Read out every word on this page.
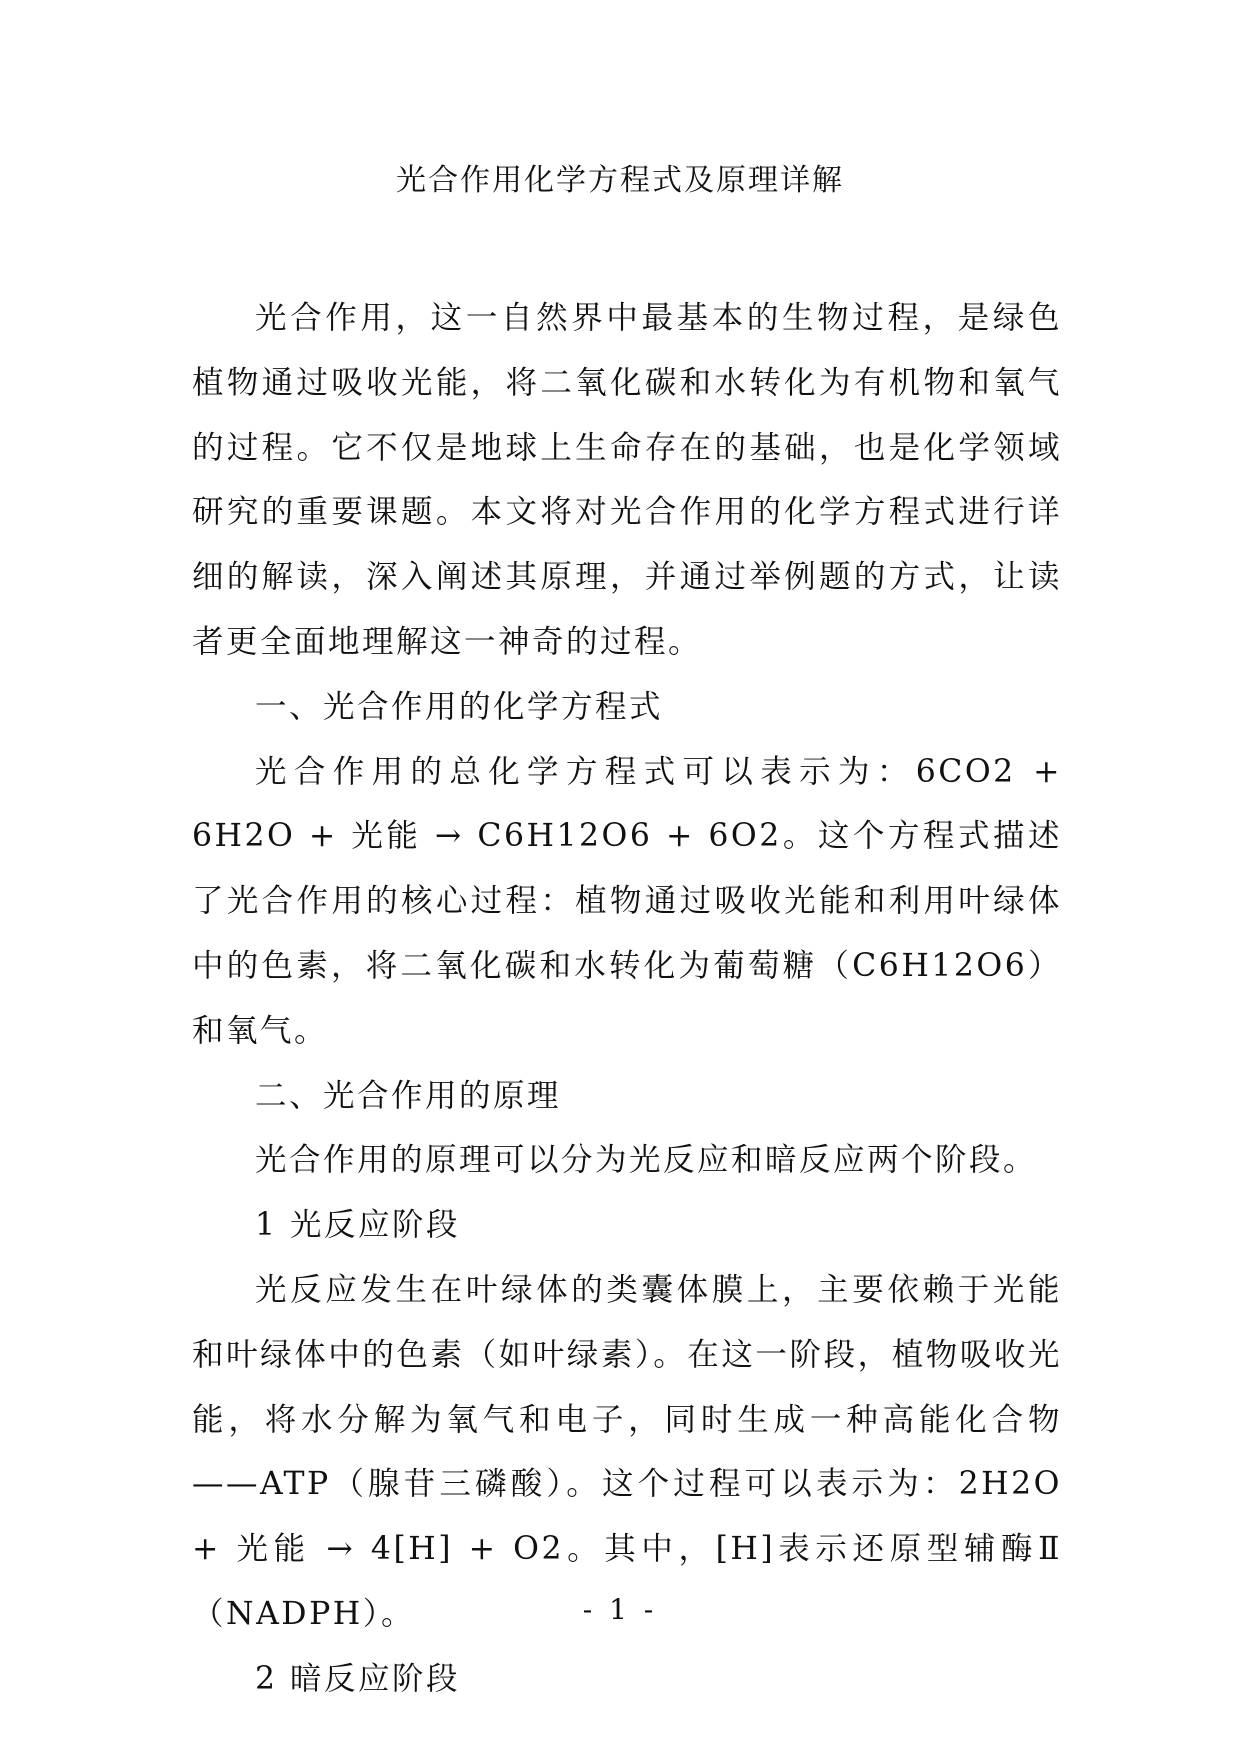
光合作用化学方程式及原理详解

光合作用，这一自然界中最基本的生物过程，是绿色植物通过吸收光能，将二氧化碳和水转化为有机物和氧气的过程。它不仅是地球上生命存在的基础，也是化学领域研究的重要课题。本文将对光合作用的化学方程式进行详细的解读，深入阐述其原理，并通过举例题的方式，让读者更全面地理解这一神奇的过程。

一、光合作用的化学方程式

光合作用的总化学方程式可以表示为：6CO2 + 6H2O + 光能 → C6H12O6 + 6O2。这个方程式描述了光合作用的核心过程：植物通过吸收光能和利用叶绿体中的色素，将二氧化碳和水转化为葡萄糖（C6H12O6）和氧气。

二、光合作用的原理

光合作用的原理可以分为光反应和暗反应两个阶段。

1 光反应阶段

光反应发生在叶绿体的类囊体膜上，主要依赖于光能和叶绿体中的色素（如叶绿素）。在这一阶段，植物吸收光能，将水分解为氧气和电子，同时生成一种高能化合物——ATP（腺苷三磷酸）。这个过程可以表示为：2H2O + 光能 → 4[H] + O2。其中，[H]表示还原型辅酶Ⅱ（NADPH）。

2 暗反应阶段

- 1 -
